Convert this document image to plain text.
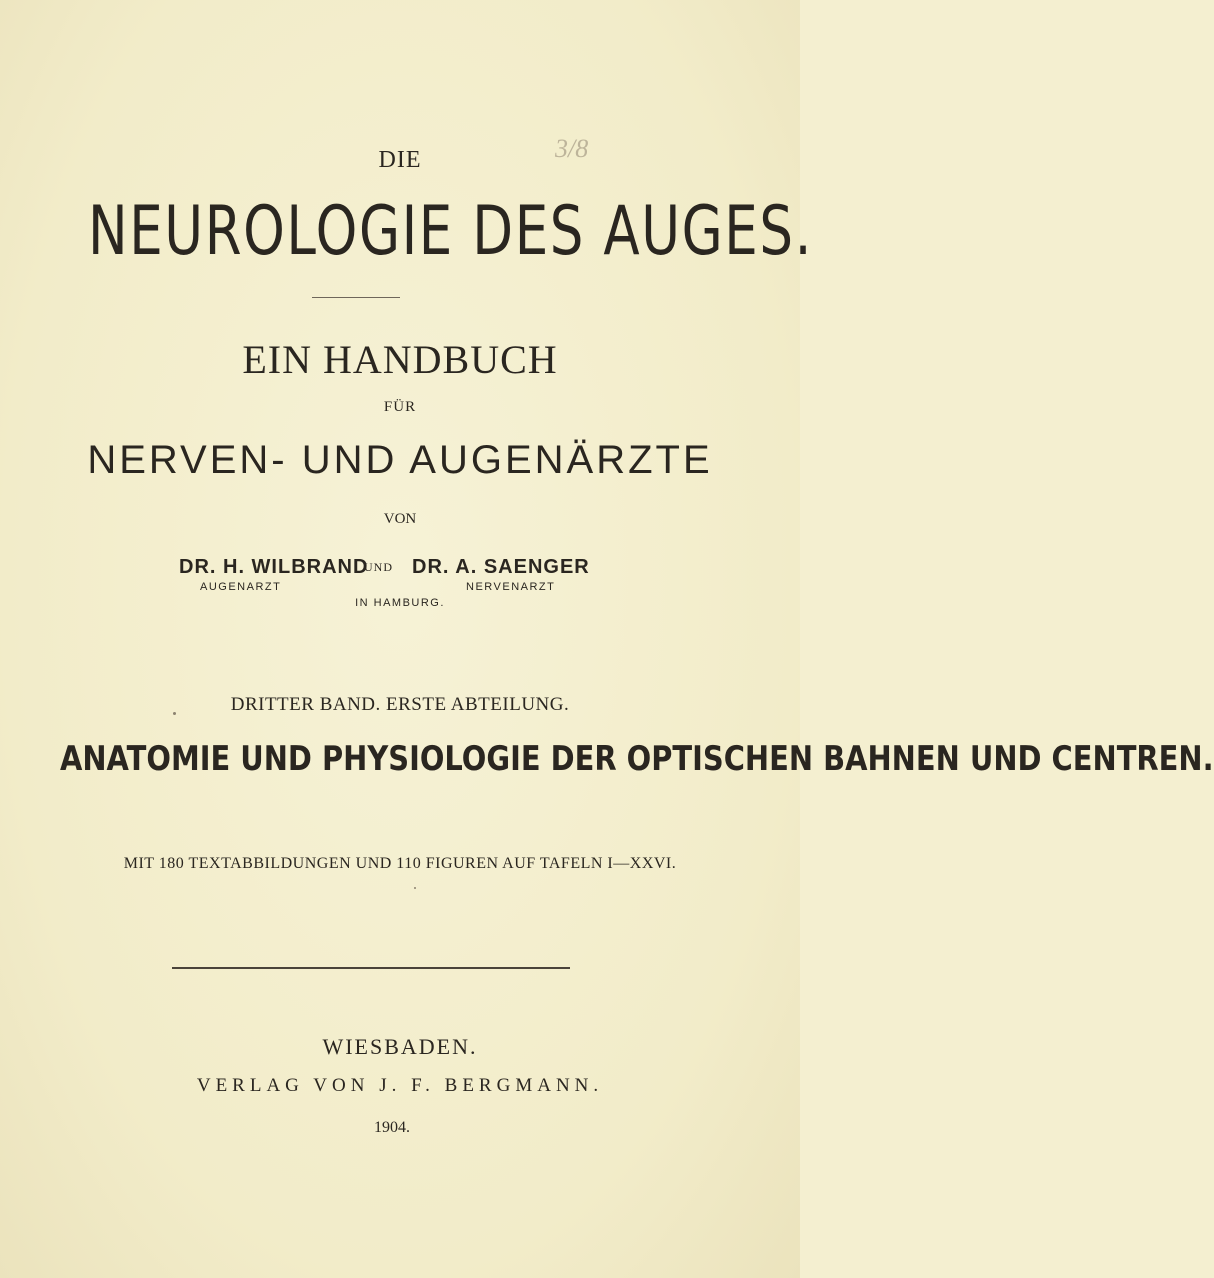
DIE	3/8
NEUROLOGIE DES AUGES.
EIN HANDBUCH
FÜR
NERVEN- UND AUGENÄRZTE
VON
DR. H. WILBRAND
UND DR. A. SAENGER
AUGENARZT	NERVENARZT
IN HAMBURG.
DRITTER BAND. ERSTE ABTEILUNG.
ANATOMIE UND PHYSIOLOGIE DER OPTISCHEN BAHNEN UND CENTREN.
MIT 180 TEXTABBILDUNGEN UND 110 FIGUREN AUF TAFELN I—XXVI.
WIESBADEN.
VERLAG VON J. F. BERGMANN.
1904.
